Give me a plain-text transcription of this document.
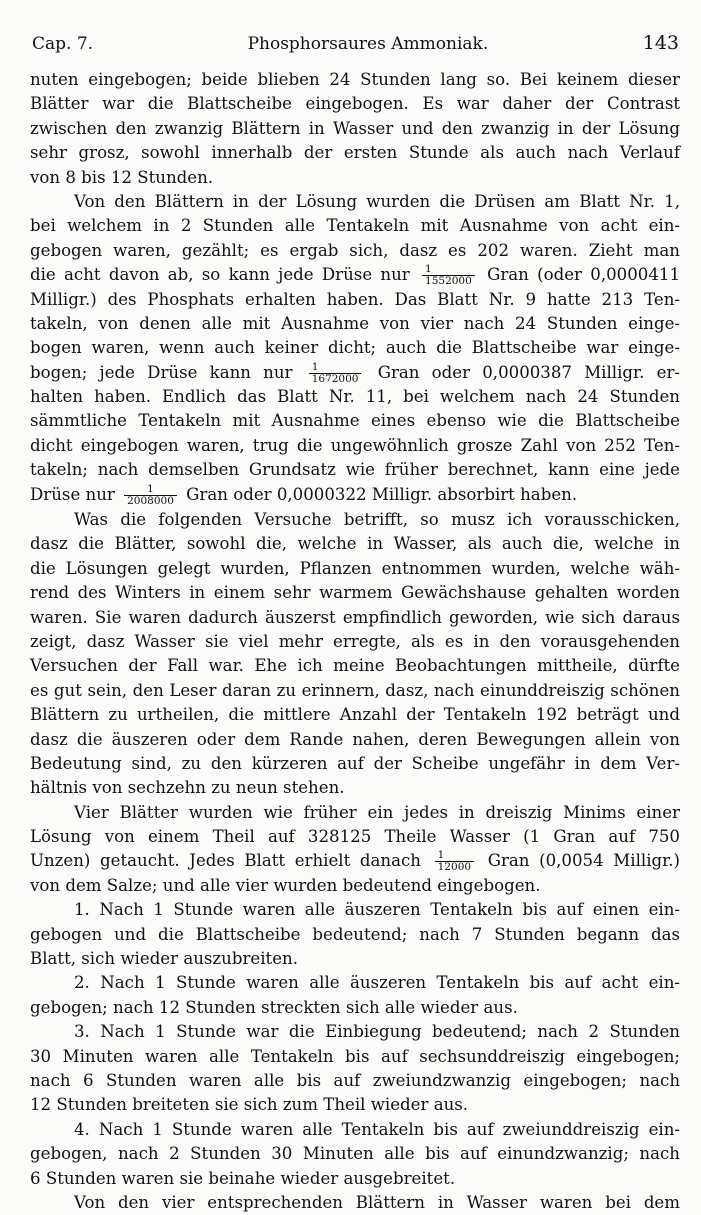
Cap. 7.	Phosphorsaures Ammoniak.	143
nuten eingebogen; beide blieben 24 Stunden lang so. Bei keinem dieser
Blätter war die Blattscheibe eingebogen. Es war daher der Contrast
zwischen den zwanzig Blättern in Wasser und den zwanzig in der Lösung
sehr grosz, sowohl innerhalb der ersten Stunde als auch nach Verlauf
von 8 bis 12 Stunden.
Von den Blättern in der Lösung wurden die Drüsen am Blatt Nr. 1,
bei welchem in 2 Stunden alle Tentakeln mit Ausnahme von acht ein-
gebogen waren, gezählt; es ergab sich, dasz es 202 waren. Zieht man
die acht davon ab, so kann jede Drüse nur $\frac{1}{1552000}$ Gran (oder 0,0000411
Milligr.) des Phosphats erhalten haben. Das Blatt Nr. 9 hatte 213 Ten-
takeln, von denen alle mit Ausnahme von vier nach 24 Stunden einge-
bogen waren, wenn auch keiner dicht; auch die Blattscheibe war einge-
bogen; jede Drüse kann nur $\frac{1}{1672000}$ Gran oder 0,0000387 Milligr. er-
halten haben. Endlich das Blatt Nr. 11, bei welchem nach 24 Stunden
sämmtliche Tentakeln mit Ausnahme eines ebenso wie die Blattscheibe
dicht eingebogen waren, trug die ungewöhnlich grosze Zahl von 252 Ten-
takeln; nach demselben Grundsatz wie früher berechnet, kann eine jede
Drüse nur $\frac{1}{2008000}$ Gran oder 0,0000322 Milligr. absorbirt haben.
Was die folgenden Versuche betrifft, so musz ich vorausschicken,
dasz die Blätter, sowohl die, welche in Wasser, als auch die, welche in
die Lösungen gelegt wurden, Pflanzen entnommen wurden, welche wäh-
rend des Winters in einem sehr warmem Gewächshause gehalten worden
waren. Sie waren dadurch äuszerst empfindlich geworden, wie sich daraus
zeigt, dasz Wasser sie viel mehr erregte, als es in den vorausgehenden
Versuchen der Fall war. Ehe ich meine Beobachtungen mittheile, dürfte
es gut sein, den Leser daran zu erinnern, dasz, nach einunddreiszig schönen
Blättern zu urtheilen, die mittlere Anzahl der Tentakeln 192 beträgt und
dasz die äuszeren oder dem Rande nahen, deren Bewegungen allein von
Bedeutung sind, zu den kürzeren auf der Scheibe ungefähr in dem Ver-
hältnis von sechzehn zu neun stehen.
Vier Blätter wurden wie früher ein jedes in dreiszig Minims einer
Lösung von einem Theil auf 328125 Theile Wasser (1 Gran auf 750
Unzen) getaucht. Jedes Blatt erhielt danach $\frac{1}{12000}$ Gran (0,0054 Milligr.)
von dem Salze; und alle vier wurden bedeutend eingebogen.
1. Nach 1 Stunde waren alle äuszeren Tentakeln bis auf einen ein-
gebogen und die Blattscheibe bedeutend; nach 7 Stunden begann das
Blatt, sich wieder auszubreiten.
2. Nach 1 Stunde waren alle äuszeren Tentakeln bis auf acht ein-
gebogen; nach 12 Stunden streckten sich alle wieder aus.
3. Nach 1 Stunde war die Einbiegung bedeutend; nach 2 Stunden
30 Minuten waren alle Tentakeln bis auf sechsunddreiszig eingebogen;
nach 6 Stunden waren alle bis auf zweiundzwanzig eingebogen; nach
12 Stunden breiteten sie sich zum Theil wieder aus.
4. Nach 1 Stunde waren alle Tentakeln bis auf zweiunddreiszig ein-
gebogen, nach 2 Stunden 30 Minuten alle bis auf einundzwanzig; nach
6 Stunden waren sie beinahe wieder ausgebreitet.
Von den vier entsprechenden Blättern in Wasser waren bei dem
